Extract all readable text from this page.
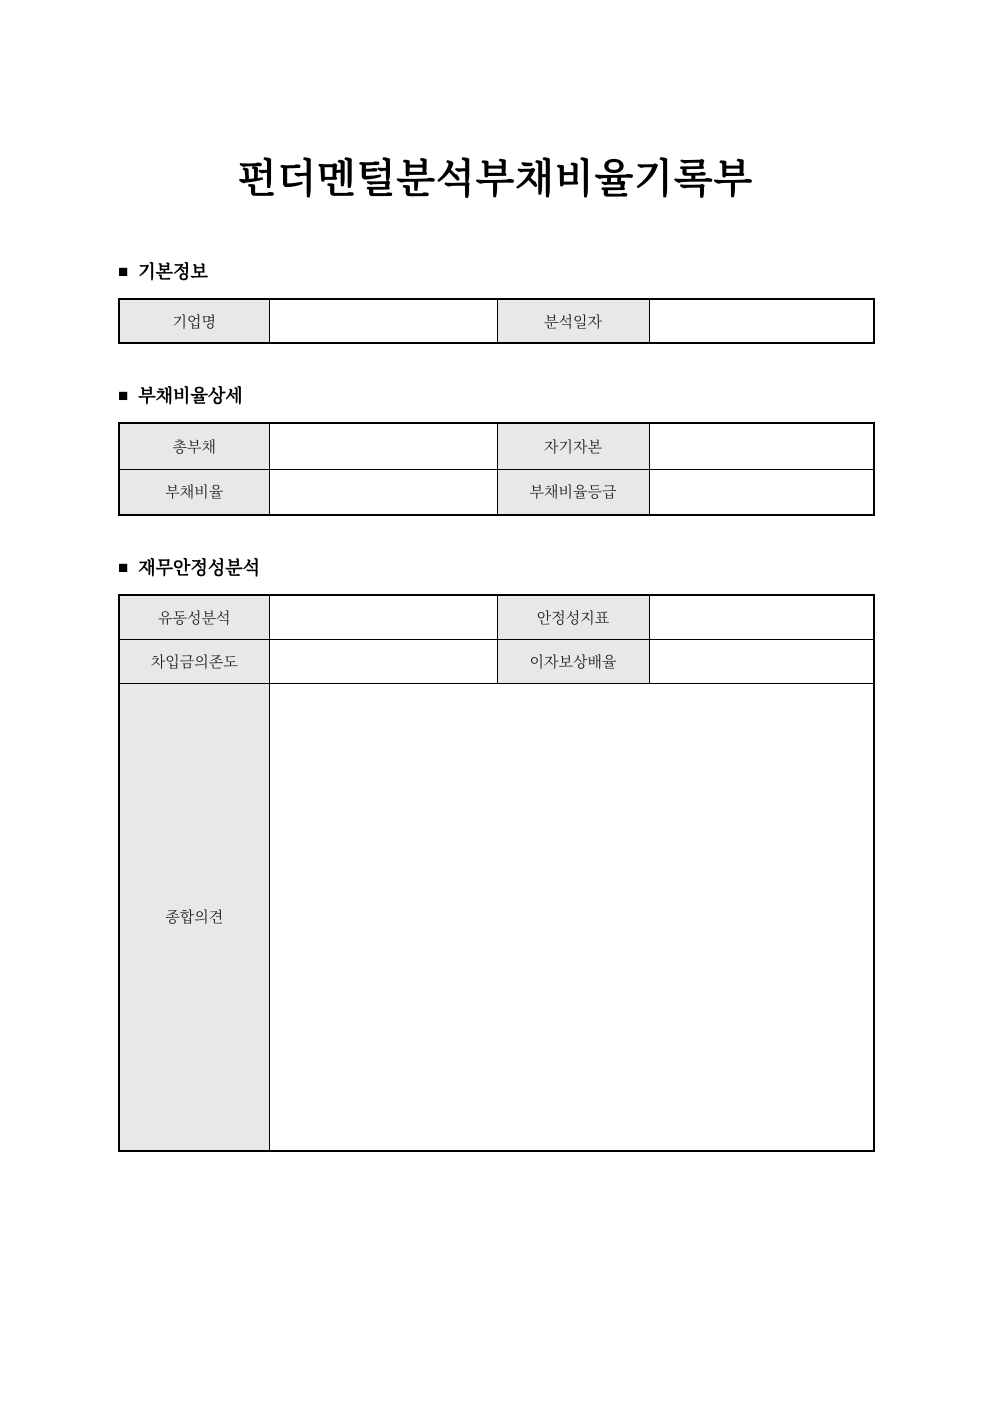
펀더멘털분석부채비율기록부
■ 기본정보
기업명		분석일자	
■ 부채비율상세
총부채		자기자본	
부채비율		부채비율등급	
■ 재무안정성분석
유동성분석		안정성지표	
차입금의존도		이자보상배율	
종합의견			
